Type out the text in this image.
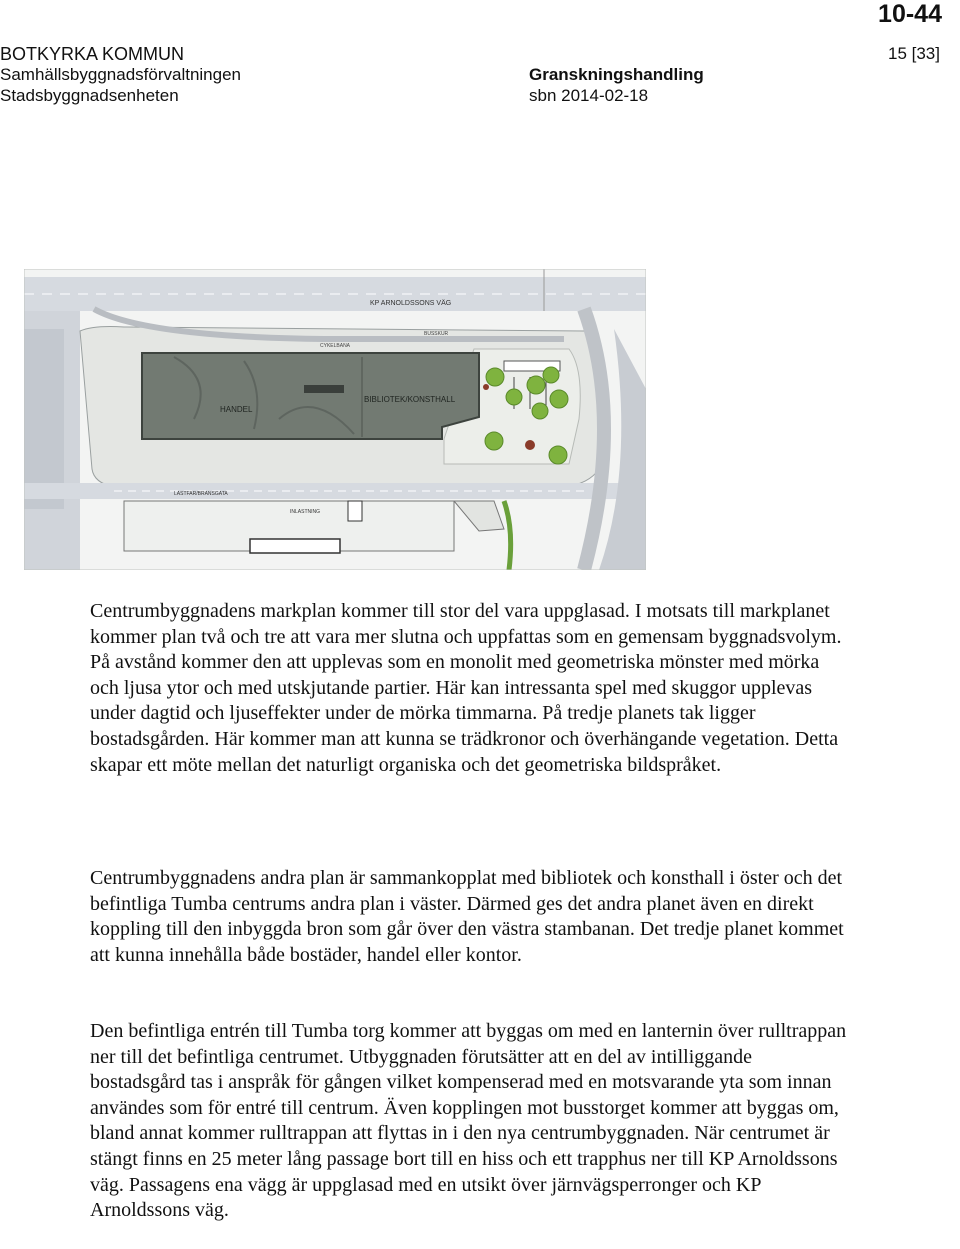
BOTKYRKA KOMMUN
Samhällsbyggnadsförvaltningen
Stadsbyggnadsenheten
Granskningshandling
sbn 2014-02-18
10-44
15 [33]
HANDEL
BIBLIOTEK/KONSTHALL
KP ARNOLDSSONS VÄG
CYKELBANA
BUSSKUR
LASTFAR/BRANSGATA
INLASTNING

Centrumbyggnadens markplan kommer till stor del vara uppglasad. I motsats till markplanet kommer plan två och tre att vara mer slutna och uppfattas som en gemensam byggnadsvolym. På avstånd kommer den att upplevas som en monolit med geometriska mönster med mörka och ljusa ytor och med utskjutande partier. Här kan intressanta spel med skuggor upplevas under dagtid och ljuseffekter under de mörka timmarna. På tredje planets tak ligger bostadsgården. Här kommer man att kunna se trädkronor och överhängande vegetation. Detta skapar ett möte mellan det naturligt organiska och det geometriska bildspråket.

Centrumbyggnadens andra plan är sammankopplat med bibliotek och konsthall i öster och det befintliga Tumba centrums andra plan i väster. Därmed ges det andra planet även en direkt koppling till den inbyggda bron som går över den västra stambanan. Det tredje planet kommet att kunna innehålla både bostäder, handel eller kontor.

Den befintliga entrén till Tumba torg kommer att byggas om med en lanternin över rulltrappan ner till det befintliga centrumet. Utbyggnaden förutsätter att en del av intilliggande bostadsgård tas i anspråk för gången vilket kompenserad med en motsvarande yta som innan användes som för entré till centrum. Även kopplingen mot busstorget kommer att byggas om, bland annat kommer rulltrappan att flyttas in i den nya centrumbyggnaden. När centrumet är stängt finns en 25 meter lång passage bort till en hiss och ett trapphus ner till KP Arnoldssons väg. Passagens ena vägg är uppglasad med en utsikt över järnvägsperronger och KP Arnoldssons väg.
